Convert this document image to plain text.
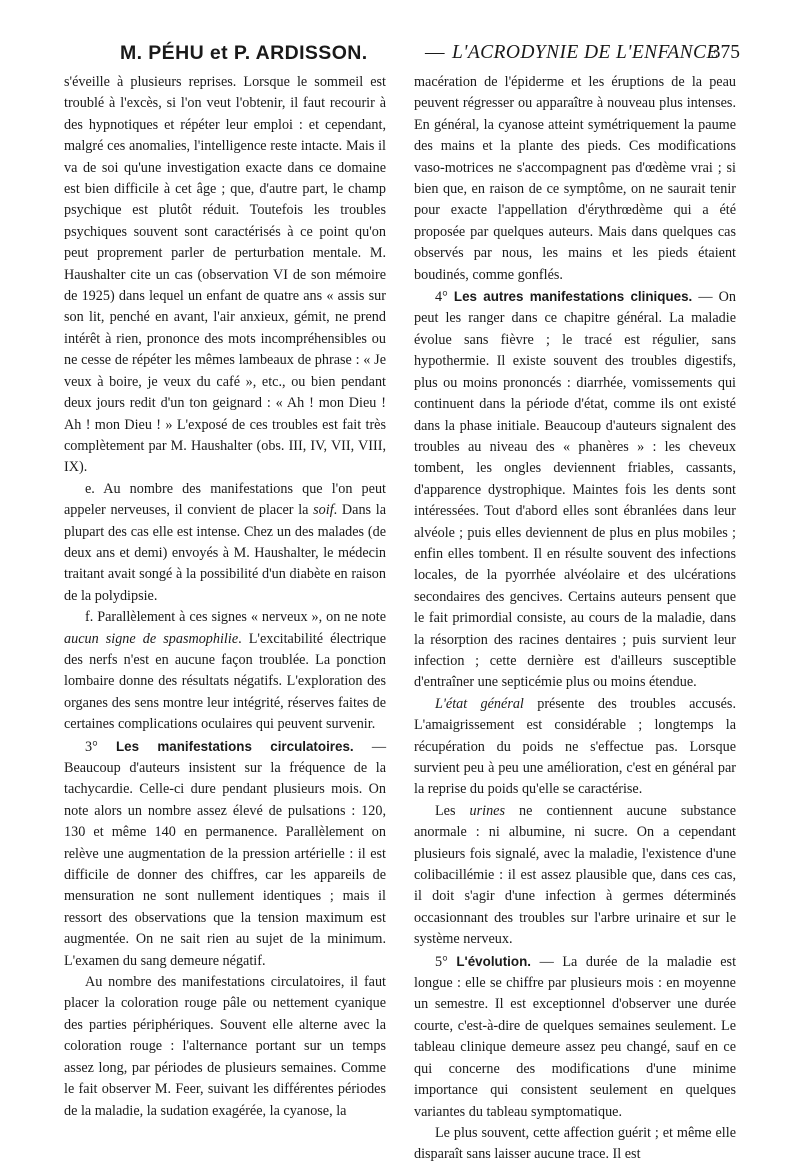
M. PÉHU et P. ARDISSON.	— L'ACRODYNIE DE L'ENFANCE
375

s'éveille à plusieurs reprises. Lorsque le sommeil est troublé à l'excès, si l'on veut l'obtenir, il faut recourir à des hypnotiques et répéter leur emploi : et cependant, malgré ces anomalies, l'intelligence reste intacte. Mais il va de soi qu'une investigation exacte dans ce domaine est bien difficile à cet âge ; que, d'autre part, le champ psychique est plutôt réduit. Toutefois les troubles psychiques souvent sont caractérisés à ce point qu'on peut proprement parler de perturbation mentale. M. Haushalter cite un cas (observation VI de son mémoire de 1925) dans lequel un enfant de quatre ans « assis sur son lit, penché en avant, l'air anxieux, gémit, ne prend intérêt à rien, prononce des mots incompréhensibles ou ne cesse de répéter les mêmes lambeaux de phrase : « Je veux à boire, je veux du café », etc., ou bien pendant deux jours redit d'un ton geignard : « Ah ! mon Dieu ! Ah ! mon Dieu ! » L'exposé de ces troubles est fait très complètement par M. Haushalter (obs. III, IV, VII, VIII, IX).

e. Au nombre des manifestations que l'on peut appeler nerveuses, il convient de placer la soif. Dans la plupart des cas elle est intense. Chez un des malades (de deux ans et demi) envoyés à M. Haushalter, le médecin traitant avait songé à la possibilité d'un diabète en raison de la polydipsie.

f. Parallèlement à ces signes « nerveux », on ne note aucun signe de spasmophilie. L'excitabilité électrique des nerfs n'est en aucune façon troublée. La ponction lombaire donne des résultats négatifs. L'exploration des organes des sens montre leur intégrité, réserves faites de certaines complications oculaires qui peuvent survenir.

3° Les manifestations circulatoires. — Beaucoup d'auteurs insistent sur la fréquence de la tachycardie. Celle-ci dure pendant plusieurs mois. On note alors un nombre assez élevé de pulsations : 120, 130 et même 140 en permanence. Parallèlement on relève une augmentation de la pression artérielle : il est difficile de donner des chiffres, car les appareils de mensuration ne sont nullement identiques ; mais il ressort des observations que la tension maximum est augmentée. On ne sait rien au sujet de la minimum. L'examen du sang demeure négatif.

Au nombre des manifestations circulatoires, il faut placer la coloration rouge pâle ou nettement cyanique des parties périphériques. Souvent elle alterne avec la coloration rouge : l'alternance portant sur un temps assez long, par périodes de plusieurs semaines. Comme le fait observer M. Feer, suivant les différentes périodes de la maladie, la sudation exagérée, la cyanose, la

macération de l'épiderme et les éruptions de la peau peuvent régresser ou apparaître à nouveau plus intenses. En général, la cyanose atteint symétriquement la paume des mains et la plante des pieds. Ces modifications vaso-motrices ne s'accompagnent pas d'œdème vrai ; si bien que, en raison de ce symptôme, on ne saurait tenir pour exacte l'appellation d'érythrœdème qui a été proposée par quelques auteurs. Mais dans quelques cas observés par nous, les mains et les pieds étaient boudinés, comme gonflés.

4° Les autres manifestations cliniques. — On peut les ranger dans ce chapitre général. La maladie évolue sans fièvre ; le tracé est régulier, sans hypothermie. Il existe souvent des troubles digestifs, plus ou moins prononcés : diarrhée, vomissements qui continuent dans la période d'état, comme ils ont existé dans la phase initiale. Beaucoup d'auteurs signalent des troubles au niveau des « phanères » : les cheveux tombent, les ongles deviennent friables, cassants, d'apparence dystrophique. Maintes fois les dents sont intéressées. Tout d'abord elles sont ébranlées dans leur alvéole ; puis elles deviennent de plus en plus mobiles ; enfin elles tombent. Il en résulte souvent des infections locales, de la pyorrhée alvéolaire et des ulcérations secondaires des gencives. Certains auteurs pensent que le fait primordial consiste, au cours de la maladie, dans la résorption des racines dentaires ; puis survient leur infection ; cette dernière est d'ailleurs susceptible d'entraîner une septicémie plus ou moins étendue.

L'état général présente des troubles accusés. L'amaigrissement est considérable ; longtemps la récupération du poids ne s'effectue pas. Lorsque survient peu à peu une amélioration, c'est en général par la reprise du poids qu'elle se caractérise.

Les urines ne contiennent aucune substance anormale : ni albumine, ni sucre. On a cependant plusieurs fois signalé, avec la maladie, l'existence d'une colibacillémie : il est assez plausible que, dans ces cas, il doit s'agir d'une infection à germes déterminés occasionnant des troubles sur l'arbre urinaire et sur le système nerveux.

5° L'évolution. — La durée de la maladie est longue : elle se chiffre par plusieurs mois : en moyenne un semestre. Il est exceptionnel d'observer une durée courte, c'est-à-dire de quelques semaines seulement. Le tableau clinique demeure assez peu changé, sauf en ce qui concerne des modifications d'une minime importance qui consistent seulement en quelques variantes du tableau symptomatique.

Le plus souvent, cette affection guérit ; et même elle disparaît sans laisser aucune trace. Il est
